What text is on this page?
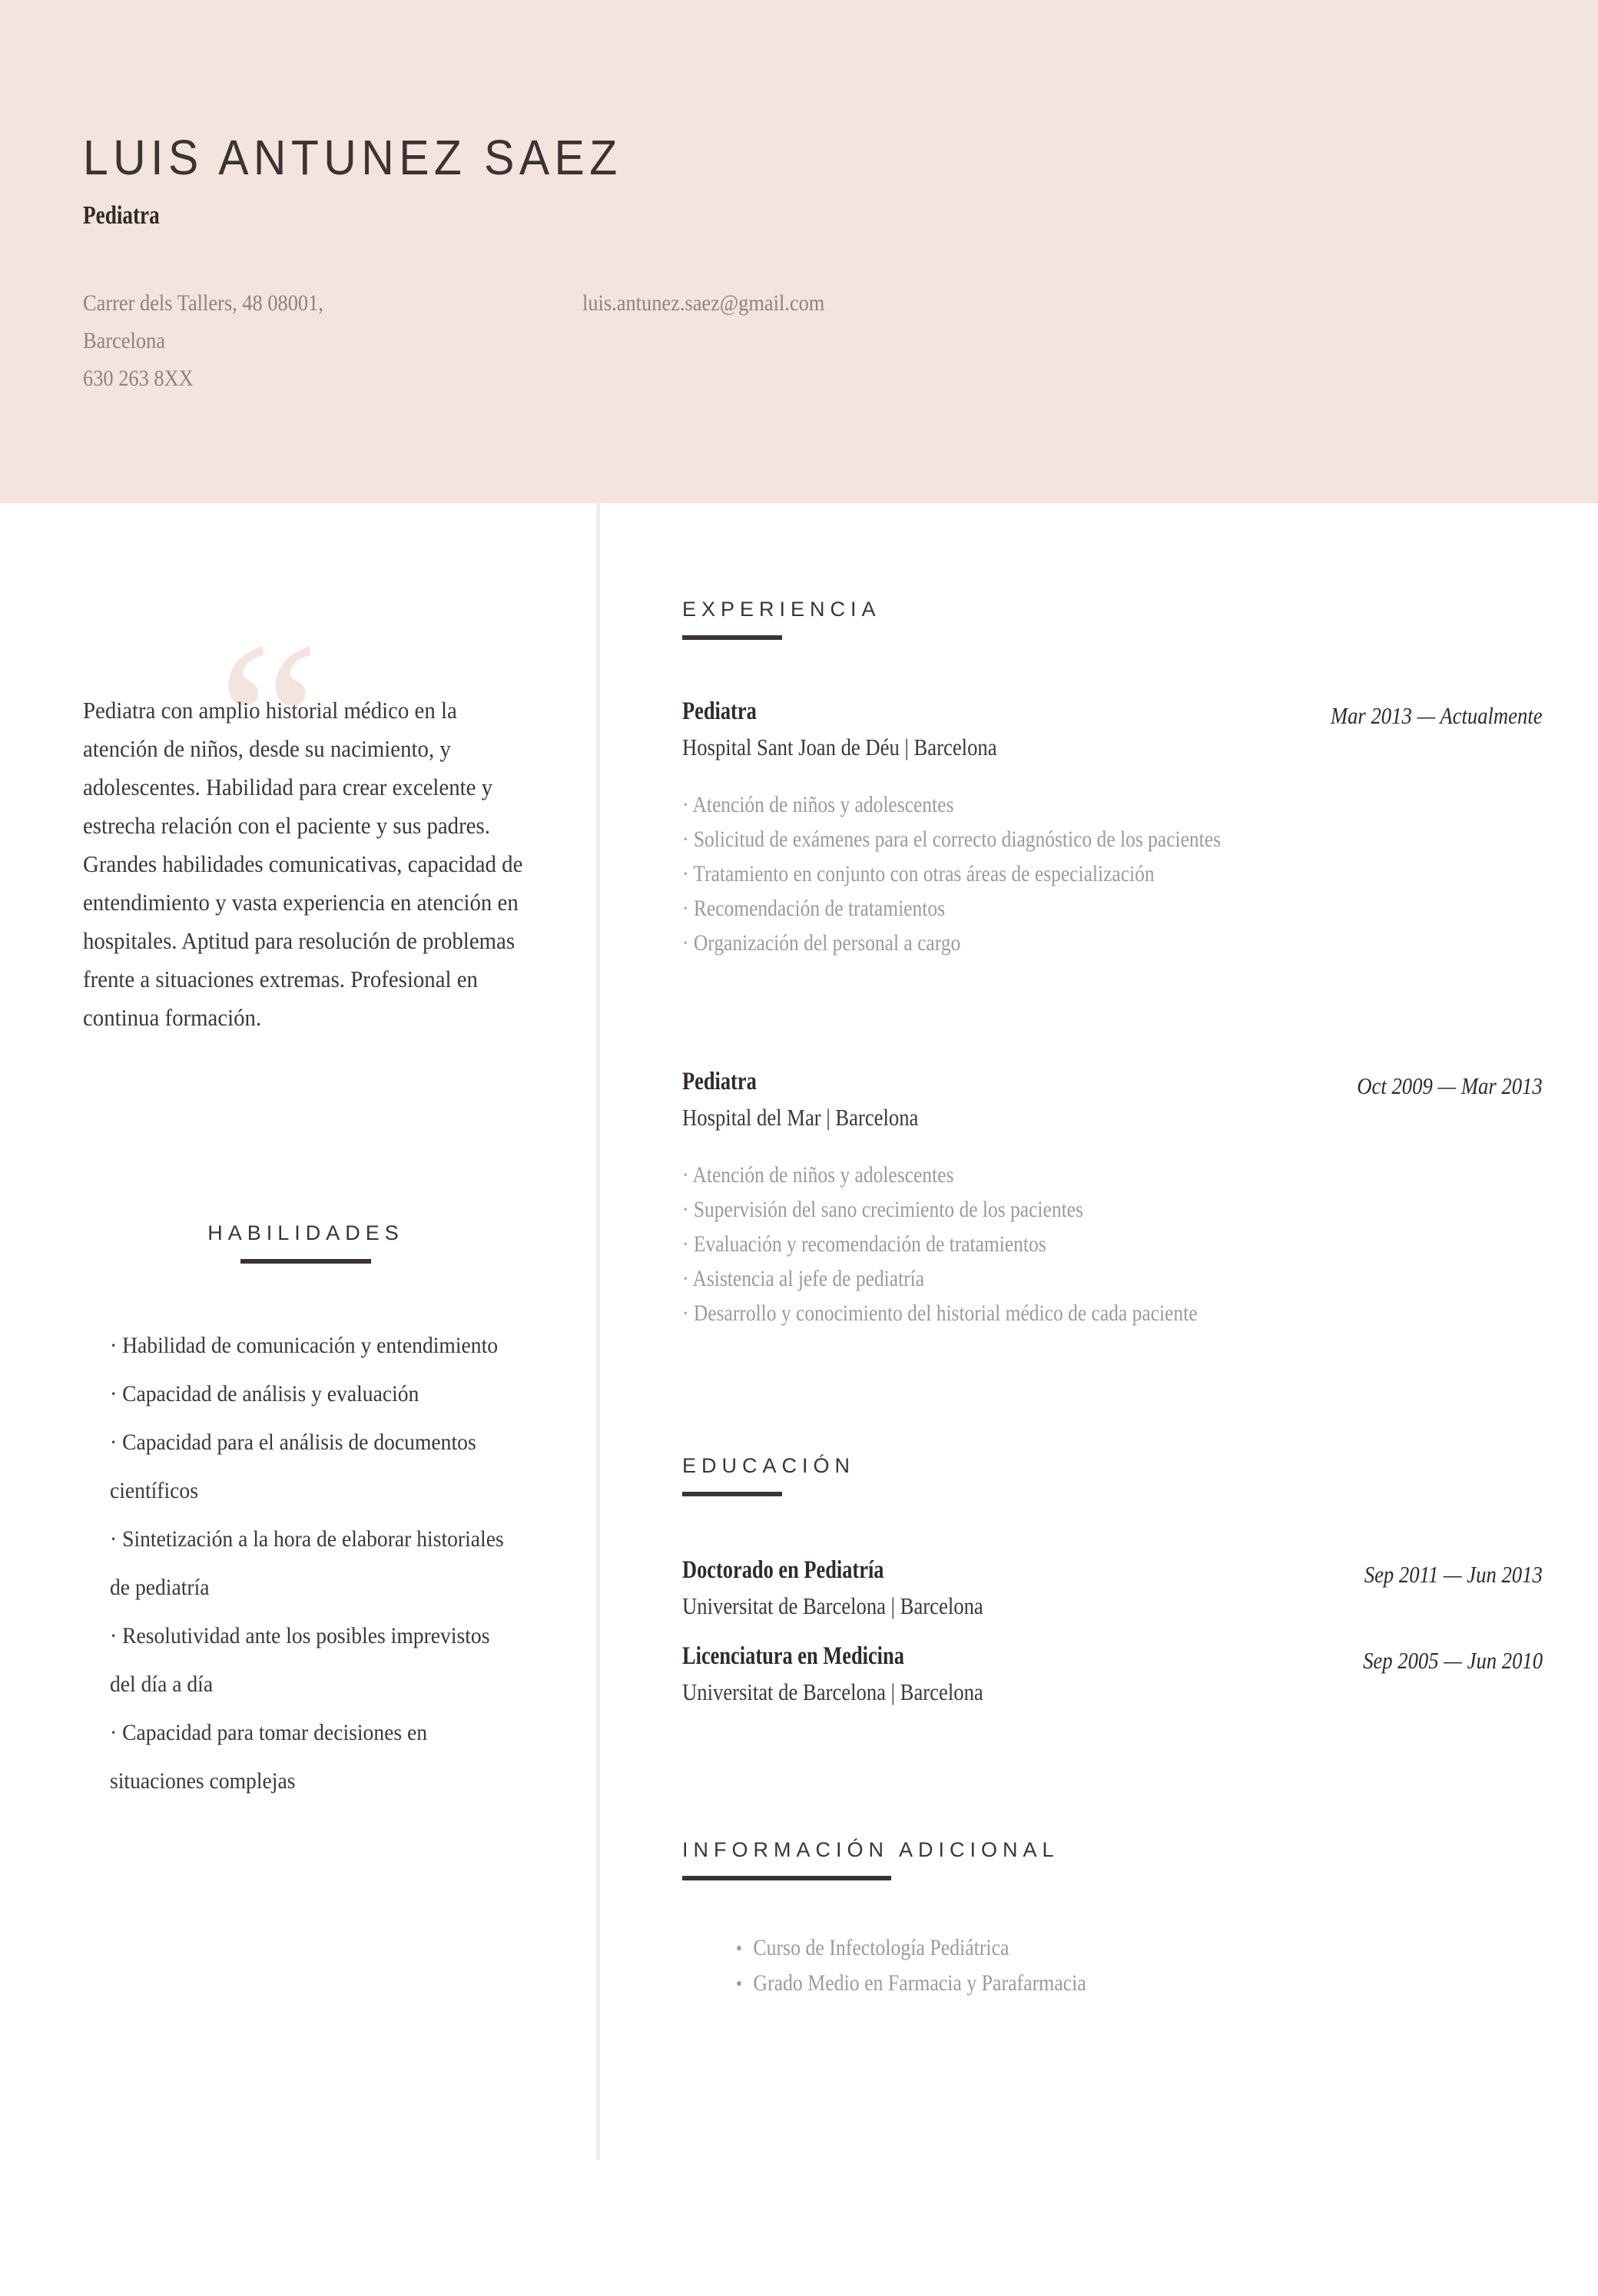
LUIS ANTUNEZ SAEZ
Pediatra
Carrer dels Tallers, 48 08001,
Barcelona
630 263 8XX
luis.antunez.saez@gmail.com
“
Pediatra con amplio historial médico en la atención de niños, desde su nacimiento, y adolescentes. Habilidad para crear excelente y estrecha relación con el paciente y sus padres. Grandes habilidades comunicativas, capacidad de entendimiento y vasta experiencia en atención en hospitales. Aptitud para resolución de problemas frente a situaciones extremas. Profesional en continua formación.
HABILIDADES
· Habilidad de comunicación y entendimiento
· Capacidad de análisis y evaluación
· Capacidad para el análisis de documentos científicos
· Sintetización a la hora de elaborar historiales de pediatría
· Resolutividad ante los posibles imprevistos del día a día
· Capacidad para tomar decisiones en situaciones complejas
EXPERIENCIA
Pediatra	Mar 2013 — Actualmente
Hospital Sant Joan de Déu | Barcelona
· Atención de niños y adolescentes
· Solicitud de exámenes para el correcto diagnóstico de los pacientes
· Tratamiento en conjunto con otras áreas de especialización
· Recomendación de tratamientos
· Organización del personal a cargo
Pediatra	Oct 2009 — Mar 2013
Hospital del Mar | Barcelona
· Atención de niños y adolescentes
· Supervisión del sano crecimiento de los pacientes
· Evaluación y recomendación de tratamientos
· Asistencia al jefe de pediatría
· Desarrollo y conocimiento del historial médico de cada paciente
EDUCACIÓN
Doctorado en Pediatría	Sep 2011 — Jun 2013
Universitat de Barcelona | Barcelona
Licenciatura en Medicina	Sep 2005 — Jun 2010
Universitat de Barcelona | Barcelona
INFORMACIÓN ADICIONAL
• Curso de Infectología Pediátrica
• Grado Medio en Farmacia y Parafarmacia
